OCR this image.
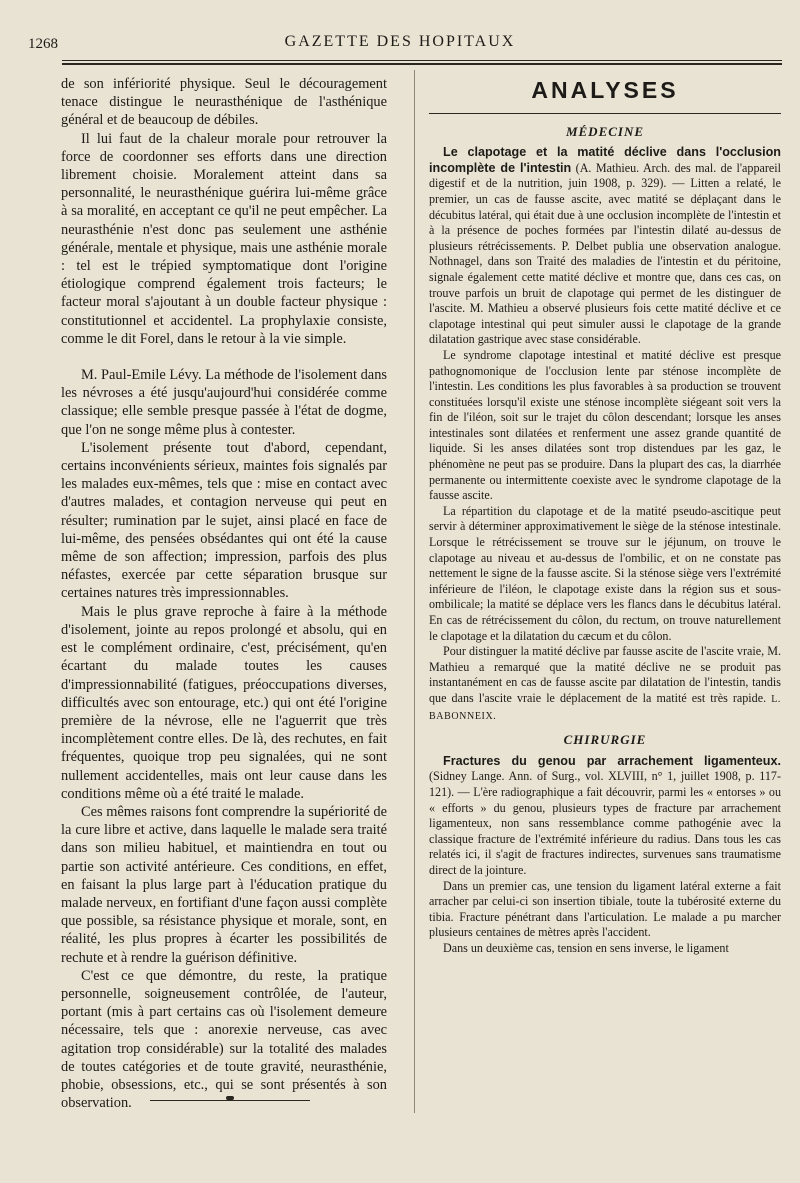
1268	GAZETTE DES HOPITAUX

de son infériorité physique. Seul le découragement tenace distingue le neurasthénique de l'asthénique général et de beaucoup de débiles.

Il lui faut de la chaleur morale pour retrouver la force de coordonner ses efforts dans une direction librement choisie. Moralement atteint dans sa personnalité, le neurasthénique guérira lui-même grâce à sa moralité, en acceptant ce qu'il ne peut empêcher. La neurasthénie n'est donc pas seulement une asthénie générale, mentale et physique, mais une asthénie morale : tel est le trépied symptomatique dont l'origine étiologique comprend également trois facteurs; le facteur moral s'ajoutant à un double facteur physique : constitutionnel et accidentel. La prophylaxie consiste, comme le dit Forel, dans le retour à la vie simple.

M. Paul-Emile Lévy. La méthode de l'isolement dans les névroses a été jusqu'aujourd'hui considérée comme classique; elle semble presque passée à l'état de dogme, que l'on ne songe même plus à contester.

L'isolement présente tout d'abord, cependant, certains inconvénients sérieux, maintes fois signalés par les malades eux-mêmes, tels que : mise en contact avec d'autres malades, et contagion nerveuse qui peut en résulter; rumination par le sujet, ainsi placé en face de lui-même, des pensées obsédantes qui ont été la cause même de son affection; impression, parfois des plus néfastes, exercée par cette séparation brusque sur certaines natures très impressionnables.

Mais le plus grave reproche à faire à la méthode d'isolement, jointe au repos prolongé et absolu, qui en est le complément ordinaire, c'est, précisément, qu'en écartant du malade toutes les causes d'impressionnabilité (fatigues, préoccupations diverses, difficultés avec son entourage, etc.) qui ont été l'origine première de la névrose, elle ne l'aguerrit que très incomplètement contre elles. De là, des rechutes, en fait fréquentes, quoique trop peu signalées, qui ne sont nullement accidentelles, mais ont leur cause dans les conditions même où a été traité le malade.

Ces mêmes raisons font comprendre la supériorité de la cure libre et active, dans laquelle le malade sera traité dans son milieu habituel, et maintiendra en tout ou partie son activité antérieure. Ces conditions, en effet, en faisant la plus large part à l'éducation pratique du malade nerveux, en fortifiant d'une façon aussi complète que possible, sa résistance physique et morale, sont, en réalité, les plus propres à écarter les possibilités de rechute et à rendre la guérison définitive.

C'est ce que démontre, du reste, la pratique personnelle, soigneusement contrôlée, de l'auteur, portant (mis à part certains cas où l'isolement demeure nécessaire, tels que : anorexie nerveuse, cas avec agitation trop considérable) sur la totalité des malades de toutes catégories et de toute gravité, neurasthénie, phobie, obsessions, etc., qui se sont présentés à son observation.

ANALYSES
MÉDECINE

Le clapotage et la matité déclive dans l'occlusion incomplète de l'intestin (A. Mathieu. Arch. des mal. de l'appareil digestif et de la nutrition, juin 1908, p. 329). — Litten a relaté, le premier, un cas de fausse ascite, avec matité se déplaçant dans le décubitus latéral, qui était due à une occlusion incomplète de l'intestin et à la présence de poches formées par l'intestin dilaté au-dessus de plusieurs rétrécissements. P. Delbet publia une observation analogue. Nothnagel, dans son Traité des maladies de l'intestin et du péritoine, signale également cette matité déclive et montre que, dans ces cas, on trouve parfois un bruit de clapotage qui permet de les distinguer de l'ascite. M. Mathieu a observé plusieurs fois cette matité déclive et ce clapotage intestinal qui peut simuler aussi le clapotage de la grande dilatation gastrique avec stase considérable.

Le syndrome clapotage intestinal et matité déclive est presque pathognomonique de l'occlusion lente par sténose incomplète de l'intestin. Les conditions les plus favorables à sa production se trouvent constituées lorsqu'il existe une sténose incomplète siégeant soit vers la fin de l'iléon, soit sur le trajet du côlon descendant; lorsque les anses intestinales sont dilatées et renferment une assez grande quantité de liquide. Si les anses dilatées sont trop distendues par les gaz, le phénomène ne peut pas se produire. Dans la plupart des cas, la diarrhée permanente ou intermittente coexiste avec le syndrome clapotage de la fausse ascite.

La répartition du clapotage et de la matité pseudo-ascitique peut servir à déterminer approximativement le siège de la sténose intestinale. Lorsque le rétrécissement se trouve sur le jéjunum, on trouve le clapotage au niveau et au-dessus de l'ombilic, et on ne constate pas nettement le signe de la fausse ascite. Si la sténose siège vers l'extrémité inférieure de l'iléon, le clapotage existe dans la région sus et sous-ombilicale; la matité se déplace vers les flancs dans le décubitus latéral. En cas de rétrécissement du côlon, du rectum, on trouve naturellement le clapotage et la dilatation du cæcum et du côlon.

Pour distinguer la matité déclive par fausse ascite de l'ascite vraie, M. Mathieu a remarqué que la matité déclive ne se produit pas instantanément en cas de fausse ascite par dilatation de l'intestin, tandis que dans l'ascite vraie le déplacement de la matité est très rapide. L. BABONNEIX.

CHIRURGIE

Fractures du genou par arrachement ligamenteux. (Sidney Lange. Ann. of Surg., vol. XLVIII, n° 1, juillet 1908, p. 117-121). — L'ère radiographique a fait découvrir, parmi les « entorses » ou « efforts » du genou, plusieurs types de fracture par arrachement ligamenteux, non sans ressemblance comme pathogénie avec la classique fracture de l'extrémité inférieure du radius. Dans tous les cas relatés ici, il s'agit de fractures indirectes, survenues sans traumatisme direct de la jointure.

Dans un premier cas, une tension du ligament latéral externe a fait arracher par celui-ci son insertion tibiale, toute la tubérosité externe du tibia. Fracture pénétrant dans l'articulation. Le malade a pu marcher plusieurs centaines de mètres après l'accident.

Dans un deuxième cas, tension en sens inverse, le ligament
